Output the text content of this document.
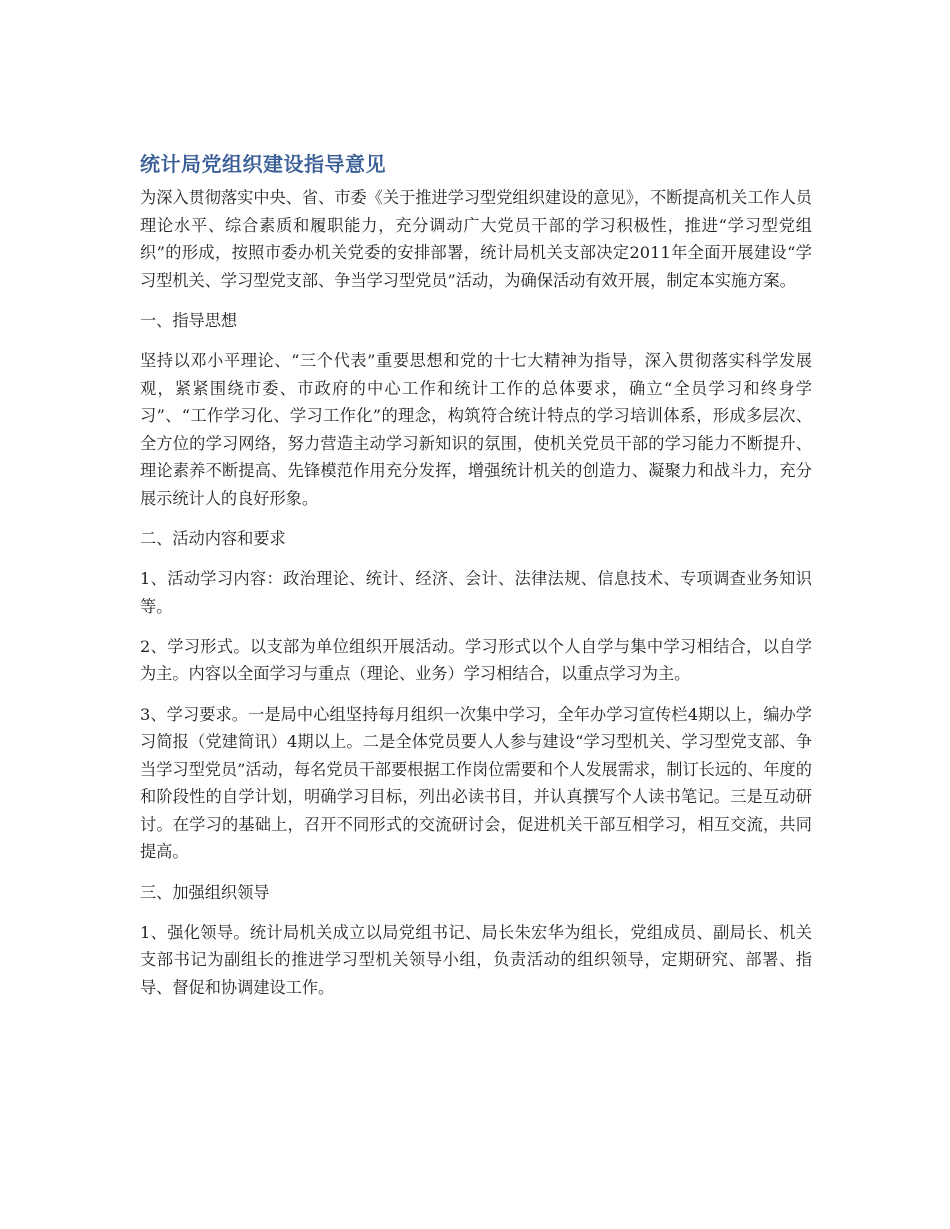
统计局党组织建设指导意见

为深入贯彻落实中央、省、市委《关于推进学习型党组织建设的意见》，不断提高机关工作人员理论水平、综合素质和履职能力，充分调动广大党员干部的学习积极性，推进“学习型党组织”的形成，按照市委办机关党委的安排部署，统计局机关支部决定2011年全面开展建设“学习型机关、学习型党支部、争当学习型党员”活动，为确保活动有效开展，制定本实施方案。

一、指导思想

坚持以邓小平理论、“三个代表”重要思想和党的十七大精神为指导，深入贯彻落实科学发展观，紧紧围绕市委、市政府的中心工作和统计工作的总体要求，确立“全员学习和终身学习”、“工作学习化、学习工作化”的理念，构筑符合统计特点的学习培训体系，形成多层次、全方位的学习网络，努力营造主动学习新知识的氛围，使机关党员干部的学习能力不断提升、理论素养不断提高、先锋模范作用充分发挥，增强统计机关的创造力、凝聚力和战斗力，充分展示统计人的良好形象。

二、活动内容和要求

1、活动学习内容：政治理论、统计、经济、会计、法律法规、信息技术、专项调查业务知识等。

2、学习形式。以支部为单位组织开展活动。学习形式以个人自学与集中学习相结合，以自学为主。内容以全面学习与重点（理论、业务）学习相结合，以重点学习为主。

3、学习要求。一是局中心组坚持每月组织一次集中学习，全年办学习宣传栏4期以上，编办学习简报（党建简讯）4期以上。二是全体党员要人人参与建设“学习型机关、学习型党支部、争当学习型党员”活动，每名党员干部要根据工作岗位需要和个人发展需求，制订长远的、年度的和阶段性的自学计划，明确学习目标，列出必读书目，并认真撰写个人读书笔记。三是互动研讨。在学习的基础上，召开不同形式的交流研讨会，促进机关干部互相学习，相互交流，共同提高。

三、加强组织领导

1、强化领导。统计局机关成立以局党组书记、局长朱宏华为组长，党组成员、副局长、机关支部书记为副组长的推进学习型机关领导小组，负责活动的组织领导，定期研究、部署、指导、督促和协调建设工作。
